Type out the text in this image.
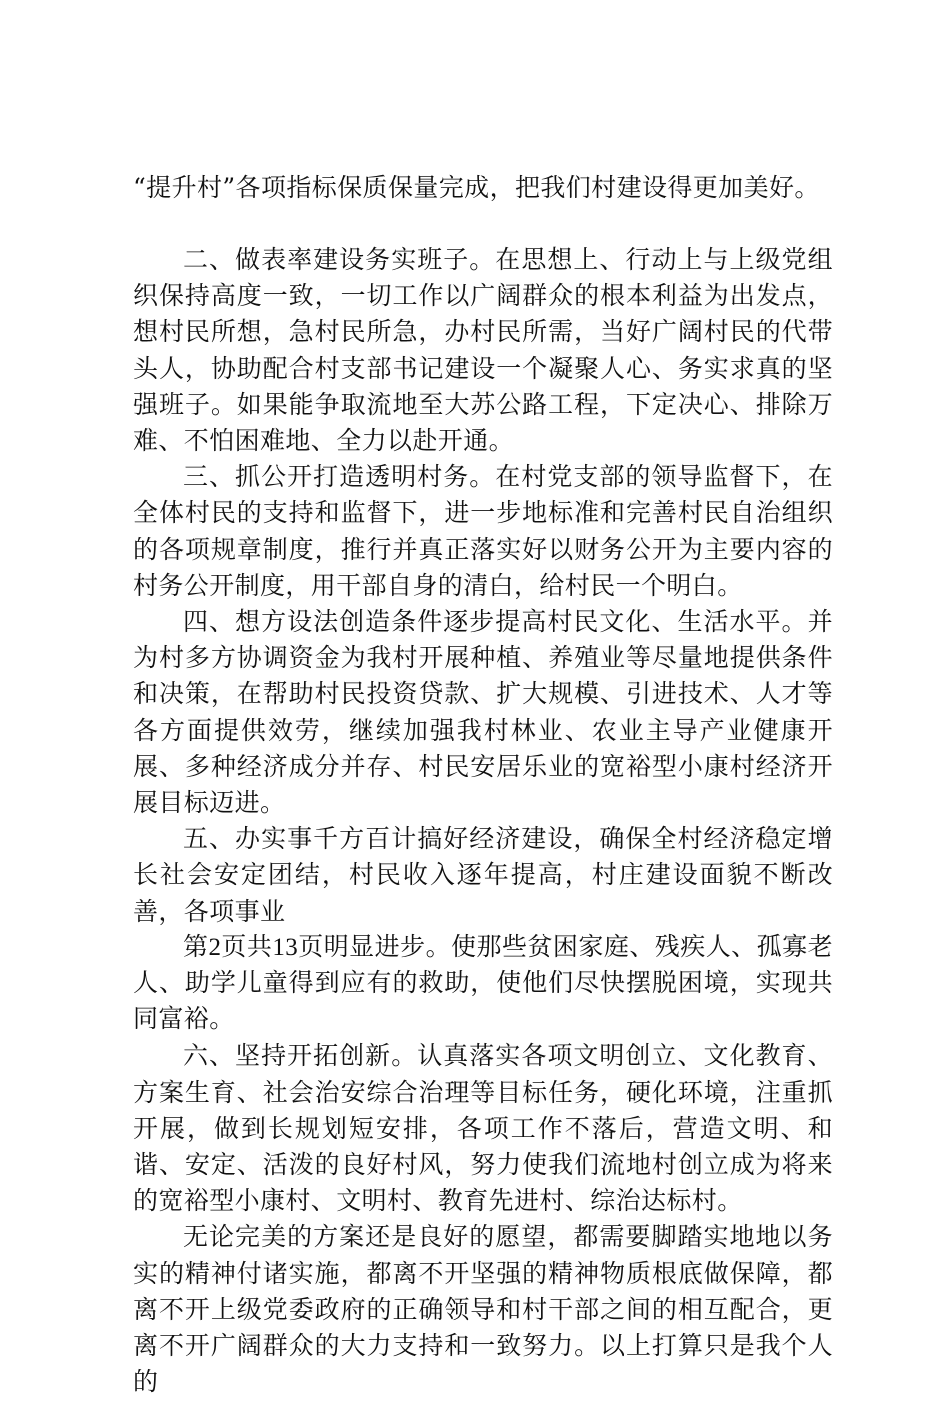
“提升村”各项指标保质保量完成，把我们村建设得更加美好。

二、做表率建设务实班子。在思想上、行动上与上级党组织保持高度一致，一切工作以广阔群众的根本利益为出发点，想村民所想，急村民所急，办村民所需，当好广阔村民的代带头人，协助配合村支部书记建设一个凝聚人心、务实求真的坚强班子。如果能争取流地至大苏公路工程，下定决心、排除万难、不怕困难地、全力以赴开通。

三、抓公开打造透明村务。在村党支部的领导监督下，在全体村民的支持和监督下，进一步地标准和完善村民自治组织的各项规章制度，推行并真正落实好以财务公开为主要内容的村务公开制度，用干部自身的清白，给村民一个明白。

四、想方设法创造条件逐步提高村民文化、生活水平。并为村多方协调资金为我村开展种植、养殖业等尽量地提供条件和决策，在帮助村民投资贷款、扩大规模、引进技术、人才等各方面提供效劳，继续加强我村林业、农业主导产业健康开展、多种经济成分并存、村民安居乐业的宽裕型小康村经济开展目标迈进。

五、办实事千方百计搞好经济建设，确保全村经济稳定增长社会安定团结，村民收入逐年提高，村庄建设面貌不断改善，各项事业

第2页共13页明显进步。使那些贫困家庭、残疾人、孤寡老人、助学儿童得到应有的救助，使他们尽快摆脱困境，实现共同富裕。

六、坚持开拓创新。认真落实各项文明创立、文化教育、方案生育、社会治安综合治理等目标任务，硬化环境，注重抓开展，做到长规划短安排，各项工作不落后，营造文明、和谐、安定、活泼的良好村风，努力使我们流地村创立成为将来的宽裕型小康村、文明村、教育先进村、综治达标村。

无论完美的方案还是良好的愿望，都需要脚踏实地地以务实的精神付诸实施，都离不开坚强的精神物质根底做保障，都离不开上级党委政府的正确领导和村干部之间的相互配合，更离不开广阔群众的大力支持和一致努力。以上打算只是我个人的
